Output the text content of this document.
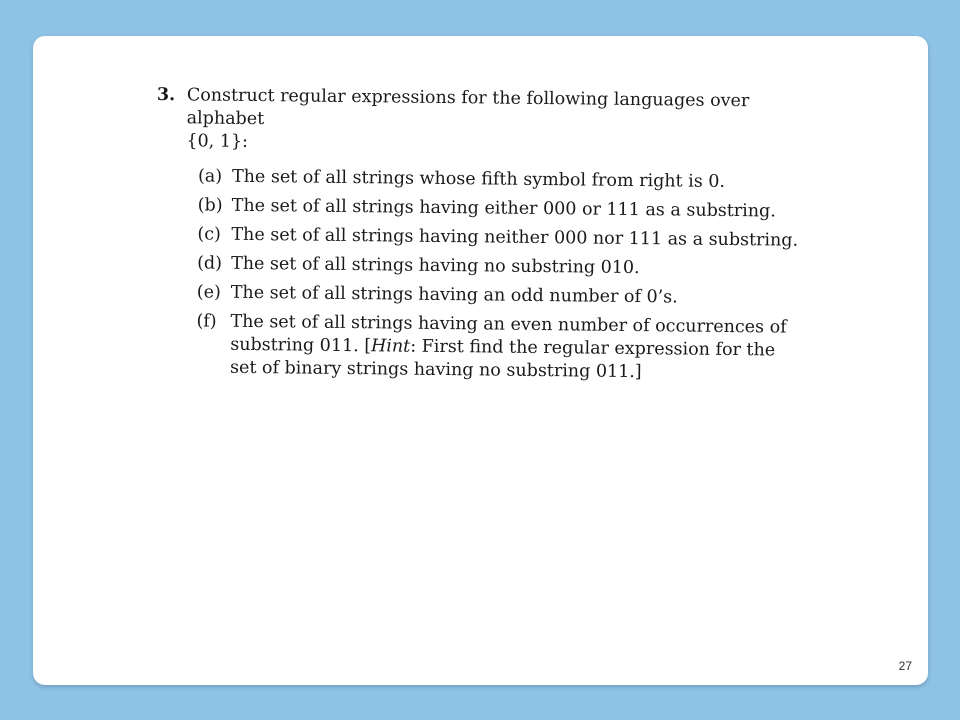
3. Construct regular expressions for the following languages over alphabet
{0, 1}:
(a) The set of all strings whose fifth symbol from right is 0.
(b) The set of all strings having either 000 or 111 as a substring.
(c) The set of all strings having neither 000 nor 111 as a substring.
(d) The set of all strings having no substring 010.
(e) The set of all strings having an odd number of 0’s.
(f) The set of all strings having an even number of occurrences of substring 011. [Hint: First find the regular expression for the set of binary strings having no substring 011.]
27
